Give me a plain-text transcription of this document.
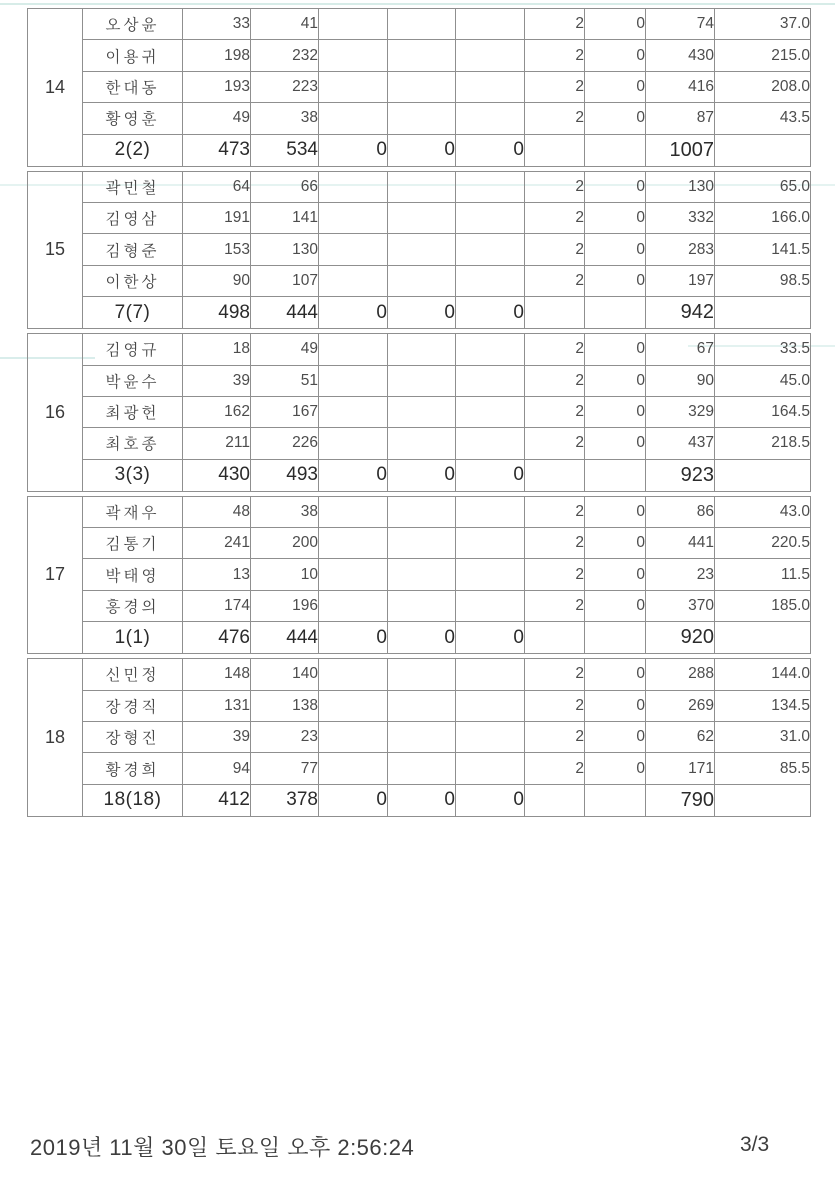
14	오상윤	33	41				2	0	74	37.0
	이용귀	198	232				2	0	430	215.0
	한대동	193	223				2	0	416	208.0
	황영훈	49	38				2	0	87	43.5
	2(2)	473	534	0	0	0			1007	
15	곽민철	64	66				2	0	130	65.0
	김영삼	191	141				2	0	332	166.0
	김형준	153	130				2	0	283	141.5
	이한상	90	107				2	0	197	98.5
	7(7)	498	444	0	0	0			942	
16	김영규	18	49				2	0	67	33.5
	박윤수	39	51				2	0	90	45.0
	최광헌	162	167				2	0	329	164.5
	최호종	211	226				2	0	437	218.5
	3(3)	430	493	0	0	0			923	
17	곽재우	48	38				2	0	86	43.0
	김통기	241	200				2	0	441	220.5
	박태영	13	10				2	0	23	11.5
	홍경의	174	196				2	0	370	185.0
	1(1)	476	444	0	0	0			920	
18	신민정	148	140				2	0	288	144.0
	장경직	131	138				2	0	269	134.5
	장형진	39	23				2	0	62	31.0
	황경희	94	77				2	0	171	85.5
	18(18)	412	378	0	0	0			790	
2019년 11월 30일 토요일 오후 2:56:24	3/3
